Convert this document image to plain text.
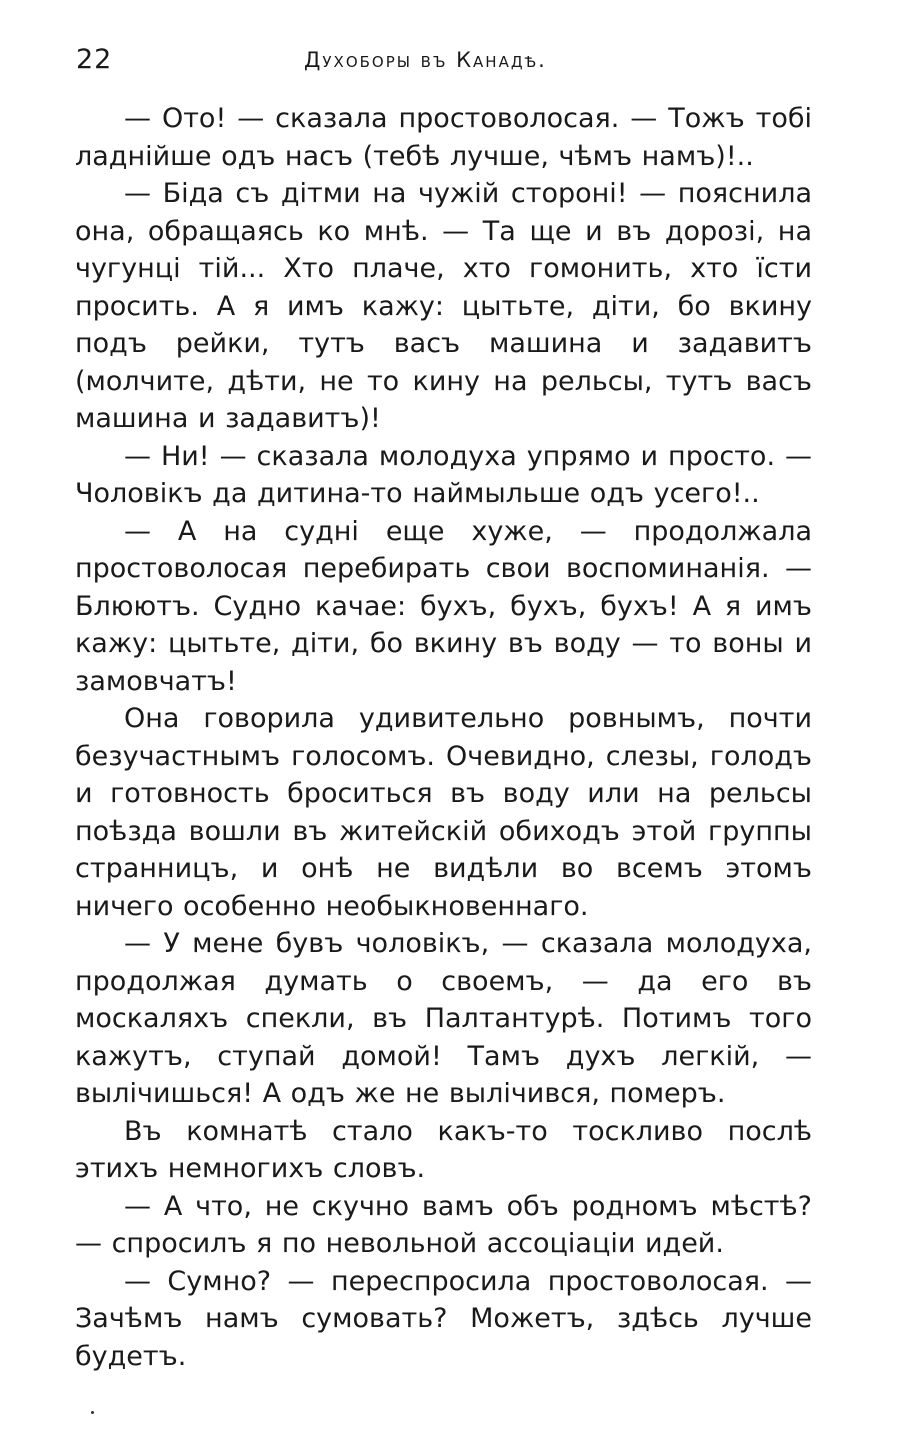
22	Духоборы въ Канадѣ.

— Ото! — сказала простоволосая. — Тожъ тобі ладнійше одъ насъ (тебѣ лучше, чѣмъ намъ)!..

— Біда съ дітми на чужій стороні! — пояснила она, обращаясь ко мнѣ. — Та ще и въ дорозі, на чугунці тій... Хто плаче, хто гомонить, хто їсти просить. А я имъ кажу: цытьте, діти, бо вкину подъ рейки, тутъ васъ машина и задавитъ (молчите, дѣти, не то кину на рельсы, тутъ васъ машина и задавитъ)!

— Ни! — сказала молодуха упрямо и просто. — Чоловікъ да дитина-то наймыльше одъ усего!..

— А на судні еще хуже, — продолжала простоволосая перебирать свои воспоминанія. — Блюютъ. Судно качае: бухъ, бухъ, бухъ! А я имъ кажу: цытьте, діти, бо вкину въ воду — то воны и замовчатъ!

Она говорила удивительно ровнымъ, почти безучастнымъ голосомъ. Очевидно, слезы, голодъ и готовность броситься въ воду или на рельсы поѣзда вошли въ житейскій обиходъ этой группы странницъ, и онѣ не видѣли во всемъ этомъ ничего особенно необыкновеннаго.

— У мене бувъ чоловікъ, — сказала молодуха, продолжая думать о своемъ, — да его въ москаляхъ спекли, въ Палтантурѣ. Потимъ того кажутъ, ступай домой! Тамъ духъ легкій, — вылічишься! А одъ же не вылічився, померъ.

Въ комнатѣ стало какъ-то тоскливо послѣ этихъ немногихъ словъ.

— А что, не скучно вамъ объ родномъ мѣстѣ? — спросилъ я по невольной ассоціаціи идей.

— Сумно? — переспросила простоволосая. — Зачѣмъ намъ сумовать? Можетъ, здѣсь лучше будетъ.
